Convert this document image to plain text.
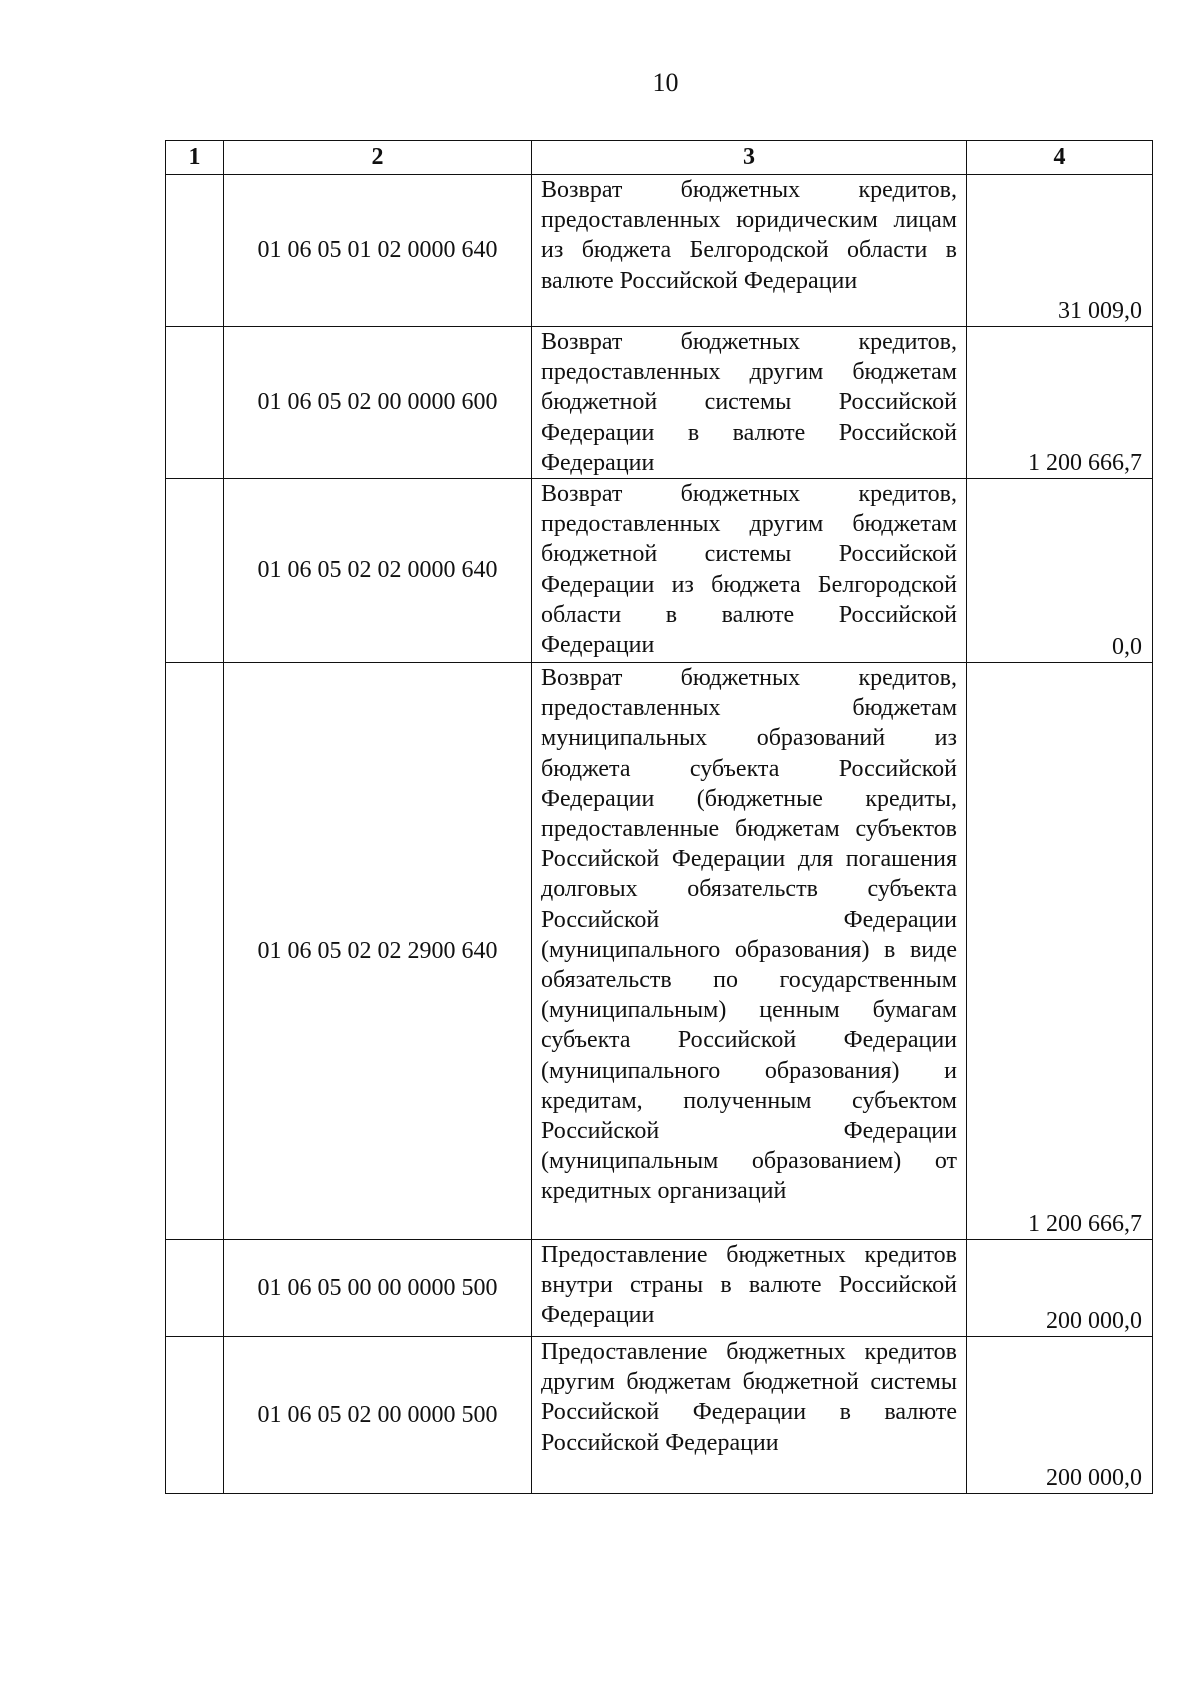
10
1	2	3	4
	01 06 05 01 02 0000 640	Возврат бюджетных кредитов, предоставленных юридическим лицам из бюджета Белгородской области в валюте Российской Федерации	31 009,0
	01 06 05 02 00 0000 600	Возврат бюджетных кредитов, предоставленных другим бюджетам бюджетной системы Российской Федерации в валюте Российской Федерации	1 200 666,7
	01 06 05 02 02 0000 640	Возврат бюджетных кредитов, предоставленных другим бюджетам бюджетной системы Российской Федерации из бюджета Белгородской области в валюте Российской Федерации	0,0
	01 06 05 02 02 2900 640	Возврат бюджетных кредитов, предоставленных бюджетам муниципальных образований из бюджета субъекта Российской Федерации (бюджетные кредиты, предоставленные бюджетам субъектов Российской Федерации для погашения долговых обязательств субъекта Российской Федерации (муниципального образования) в виде обязательств по государственным (муниципальным) ценным бумагам субъекта Российской Федерации (муниципального образования) и кредитам, полученным субъектом Российской Федерации (муниципальным образованием) от кредитных организаций	1 200 666,7
	01 06 05 00 00 0000 500	Предоставление бюджетных кредитов внутри страны в валюте Российской Федерации	200 000,0
	01 06 05 02 00 0000 500	Предоставление бюджетных кредитов другим бюджетам бюджетной системы Российской Федерации в валюте Российской Федерации	200 000,0
